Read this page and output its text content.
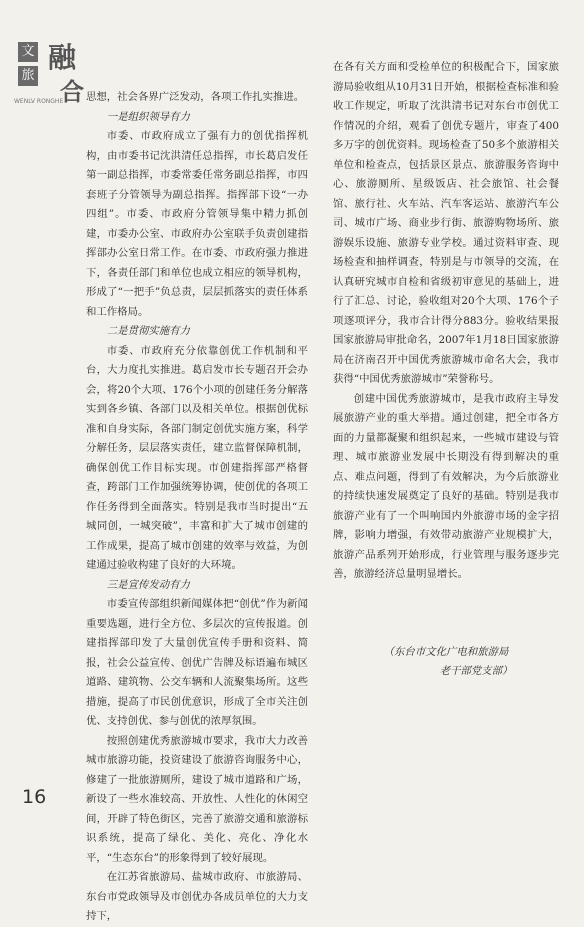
文
旅
融
合
WENLV RONGHE 思想，社会各界广泛发动，各项工作扎实推进。

一是组织领导有力

市委、市政府成立了强有力的创优指挥机构，由市委书记沈洪清任总指挥，市长葛启发任第一副总指挥，市委常委任常务副总指挥，市四套班子分管领导为副总指挥。指挥部下设“一办四组”。市委、市政府分管领导集中精力抓创建，市委办公室、市政府办公室联手负责创建指挥部办公室日常工作。在市委、市政府强力推进下，各责任部门和单位也成立相应的领导机构，形成了“一把手”负总责，层层抓落实的责任体系和工作格局。

二是贯彻实施有力

市委、市政府充分依靠创优工作机制和平台，大力度扎实推进。葛启发市长专题召开会办会，将20个大项、176个小项的创建任务分解落实到各乡镇、各部门以及相关单位。根据创优标准和自身实际，各部门制定创优实施方案，科学分解任务，层层落实责任，建立监督保障机制，确保创优工作目标实现。市创建指挥部严格督查，跨部门工作加强统筹协调，使创优的各项工作任务得到全面落实。特别是我市当时提出“五城同创，一城突破”，丰富和扩大了城市创建的工作成果，提高了城市创建的效率与效益，为创建通过验收构建了良好的大环境。

三是宣传发动有力

市委宣传部组织新闻媒体把“创优”作为新闻重要选题，进行全方位、多层次的宣传报道。创建指挥部印发了大量创优宣传手册和资料、简报，社会公益宣传、创优广告牌及标语遍布城区道路、建筑物、公交车辆和人流聚集场所。这些措施，提高了市民创优意识，形成了全市关注创优、支持创优、参与创优的浓厚氛围。

按照创建优秀旅游城市要求，我市大力改善城市旅游功能，投资建设了旅游咨询服务中心，修建了一批旅游厕所，建设了城市道路和广场，新设了一些水准较高、开放性、人性化的休闲空间，开辟了特色街区，完善了旅游交通和旅游标识系统，提高了绿化、美化、亮化、净化水平，“生态东台”的形象得到了较好展现。

在江苏省旅游局、盐城市政府、市旅游局、东台市党政领导及市创优办各成员单位的大力支持下，

在各有关方面和受检单位的积极配合下，国家旅游局验收组从10月31日开始，根据检查标准和验收工作规定，听取了沈洪清书记对东台市创优工作情况的介绍，观看了创优专题片，审查了400多万字的创优资料。现场检查了50多个旅游相关单位和检查点，包括景区景点、旅游服务咨询中心、旅游厕所、星级饭店、社会旅馆、社会餐馆、旅行社、火车站、汽车客运站、旅游汽车公司、城市广场、商业步行街、旅游购物场所、旅游娱乐设施、旅游专业学校。通过资料审查、现场检查和抽样调查，特别是与市领导的交流，在认真研究城市自检和省级初审意见的基础上，进行了汇总、讨论，验收组对20个大项、176个子项逐项评分，我市合计得分883分。验收结果报国家旅游局审批命名，2007年1月18日国家旅游局在济南召开中国优秀旅游城市命名大会，我市获得“中国优秀旅游城市”荣誉称号。

创建中国优秀旅游城市，是我市政府主导发展旅游产业的重大举措。通过创建，把全市各方面的力量都凝聚和组织起来，一些城市建设与管理、城市旅游业发展中长期没有得到解决的重点、难点问题，得到了有效解决，为今后旅游业的持续快速发展奠定了良好的基础。特别是我市旅游产业有了一个叫响国内外旅游市场的金字招牌，影响力增强，有效带动旅游产业规模扩大，旅游产品系列开始形成，行业管理与服务逐步完善，旅游经济总量明显增长。

（东台市文化广电和旅游局
老干部党支部）
16
